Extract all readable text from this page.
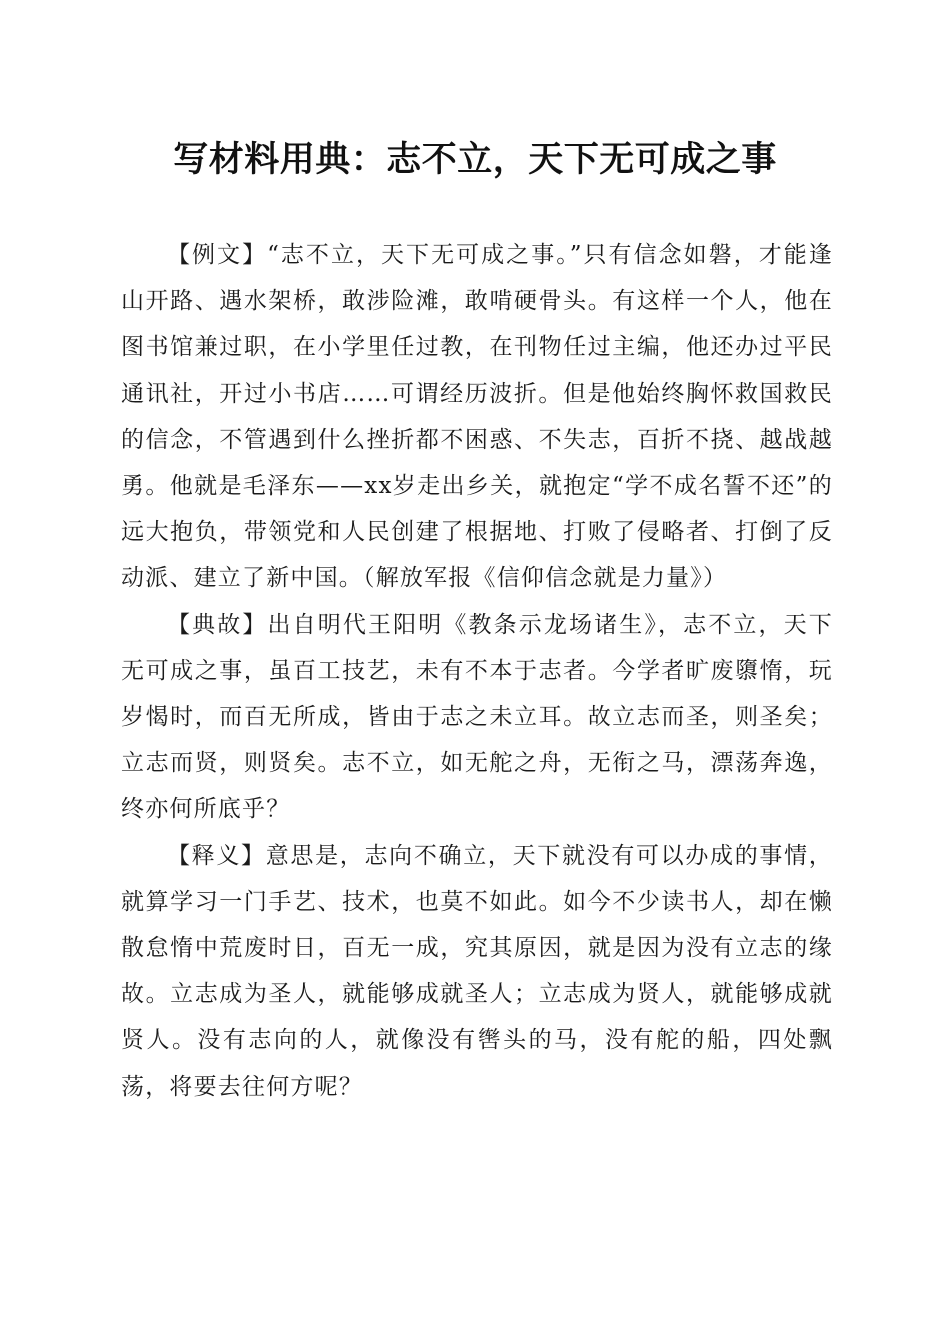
写材料用典：志不立，天下无可成之事

【例文】“志不立，天下无可成之事。”只有信念如磐，才能逢山开路、遇水架桥，敢涉险滩，敢啃硬骨头。有这样一个人，他在图书馆兼过职，在小学里任过教，在刊物任过主编，他还办过平民通讯社，开过小书店……可谓经历波折。但是他始终胸怀救国救民的信念，不管遇到什么挫折都不困惑、不失志，百折不挠、越战越勇。他就是毛泽东——xx岁走出乡关，就抱定“学不成名誓不还”的远大抱负，带领党和人民创建了根据地、打败了侵略者、打倒了反动派、建立了新中国。（解放军报《信仰信念就是力量》）

【典故】出自明代王阳明《教条示龙场诸生》，志不立，天下无可成之事，虽百工技艺，未有不本于志者。今学者旷废隳惰，玩岁愒时，而百无所成，皆由于志之未立耳。故立志而圣，则圣矣；立志而贤，则贤矣。志不立，如无舵之舟，无衔之马，漂荡奔逸，终亦何所底乎？

【释义】意思是，志向不确立，天下就没有可以办成的事情，就算学习一门手艺、技术，也莫不如此。如今不少读书人，却在懒散怠惰中荒废时日，百无一成，究其原因，就是因为没有立志的缘故。立志成为圣人，就能够成就圣人；立志成为贤人，就能够成就贤人。没有志向的人，就像没有辔头的马，没有舵的船，四处飘荡，将要去往何方呢？
